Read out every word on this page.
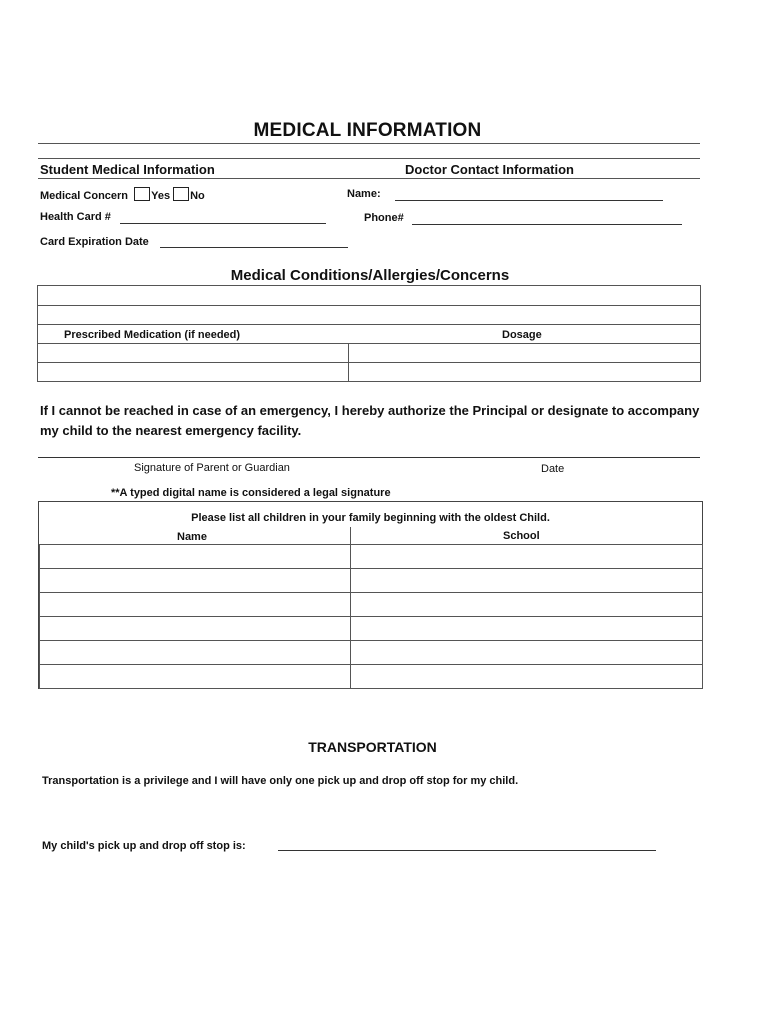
MEDICAL INFORMATION
Student Medical Information	Doctor Contact Information
Medical Concern Yes No	Name:
Health Card #	Phone#
Card Expiration Date
Medical Conditions/Allergies/Concerns
Prescribed Medication (if needed)	Dosage
If I cannot be reached in case of an emergency, I hereby authorize the Principal or designate to accompany my child to the nearest emergency facility.
Signature of Parent or Guardian	Date
**A typed digital name is considered a legal signature
Please list all children in your family beginning with the oldest Child.
Name	School
TRANSPORTATION
Transportation is a privilege and I will have only one pick up and drop off stop for my child.
My child's pick up and drop off stop is:
